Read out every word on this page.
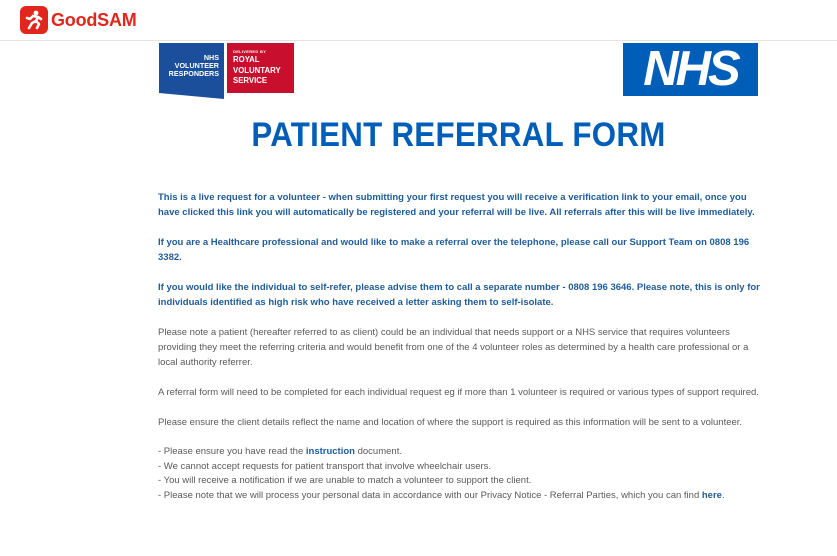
GoodSAM
NHS
VOLUNTEER
RESPONDERS
DELIVERED BY
ROYAL
VOLUNTARY
SERVICE	NHS
PATIENT REFERRAL FORM

This is a live request for a volunteer - when submitting your first request you will receive a verification link to your email, once you have clicked this link you will automatically be registered and your referral will be live. All referrals after this will be live immediately.

If you are a Healthcare professional and would like to make a referral over the telephone, please call our Support Team on 0808 196 3382.

If you would like the individual to self-refer, please advise them to call a separate number - 0808 196 3646. Please note, this is only for individuals identified as high risk who have received a letter asking them to self-isolate.

Please note a patient (hereafter referred to as client) could be an individual that needs support or a NHS service that requires volunteers providing they meet the referring criteria and would benefit from one of the 4 volunteer roles as determined by a health care professional or a local authority referrer.

A referral form will need to be completed for each individual request eg if more than 1 volunteer is required or various types of support required.

Please ensure the client details reflect the name and location of where the support is required as this information will be sent to a volunteer.

- Please ensure you have read the instruction document.
- We cannot accept requests for patient transport that involve wheelchair users.
- You will receive a notification if we are unable to match a volunteer to support the client.
- Please note that we will process your personal data in accordance with our Privacy Notice - Referral Parties, which you can find here.
